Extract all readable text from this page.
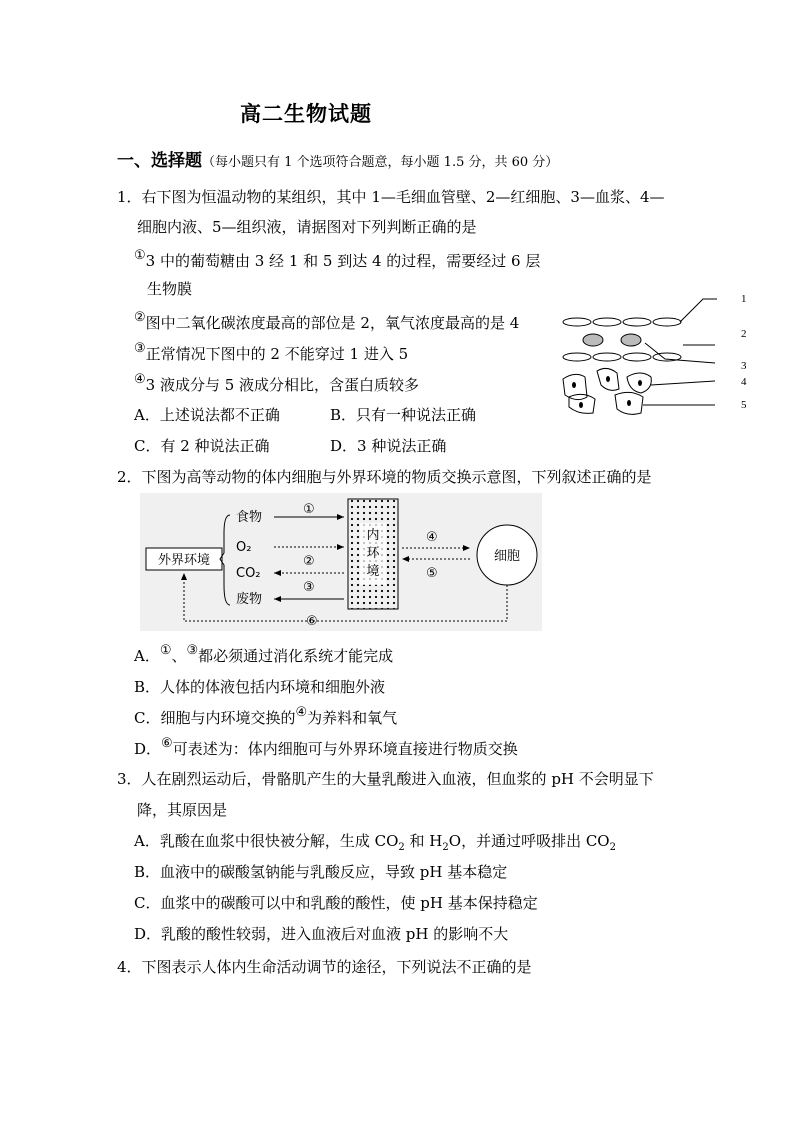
高二生物试题
一、选择题（每小题只有 1 个选项符合题意，每小题 1.5 分，共 60 分）
1．右下图为恒温动物的某组织，其中 1—毛细血管壁、2—红细胞、3—血浆、4—
细胞内液、5—组织液，请据图对下列判断正确的是
①3 中的葡萄糖由 3 经 1 和 5 到达 4 的过程，需要经过 6 层
生物膜
②图中二氧化碳浓度最高的部位是 2，氧气浓度最高的是 4
③正常情况下图中的 2 不能穿过 1 进入 5
④3 液成分与 5 液成分相比，含蛋白质较多
A．上述说法都不正确	B．只有一种说法正确
C．有 2 种说法正确	D．3 种说法正确
1
2
3
4
5
2．下图为高等动物的体内细胞与外界环境的物质交换示意图，下列叙述正确的是
外界环境
食物
O₂
CO₂
废物
①
②
③
内
环
境
④
⑤
细胞
⑥
A．①、③都必须通过消化系统才能完成
B．人体的体液包括内环境和细胞外液
C．细胞与内环境交换的④为养料和氧气
D．⑥可表述为：体内细胞可与外界环境直接进行物质交换
3．人在剧烈运动后，骨骼肌产生的大量乳酸进入血液，但血浆的 pH 不会明显下
降，其原因是
A．乳酸在血浆中很快被分解，生成 $CO_2$ 和 $H_2O$，并通过呼吸排出 $CO_2$
B．血液中的碳酸氢钠能与乳酸反应，导致 pH 基本稳定
C．血浆中的碳酸可以中和乳酸的酸性，使 pH 基本保持稳定
D．乳酸的酸性较弱，进入血液后对血液 pH 的影响不大
4．下图表示人体内生命活动调节的途径，下列说法不正确的是
